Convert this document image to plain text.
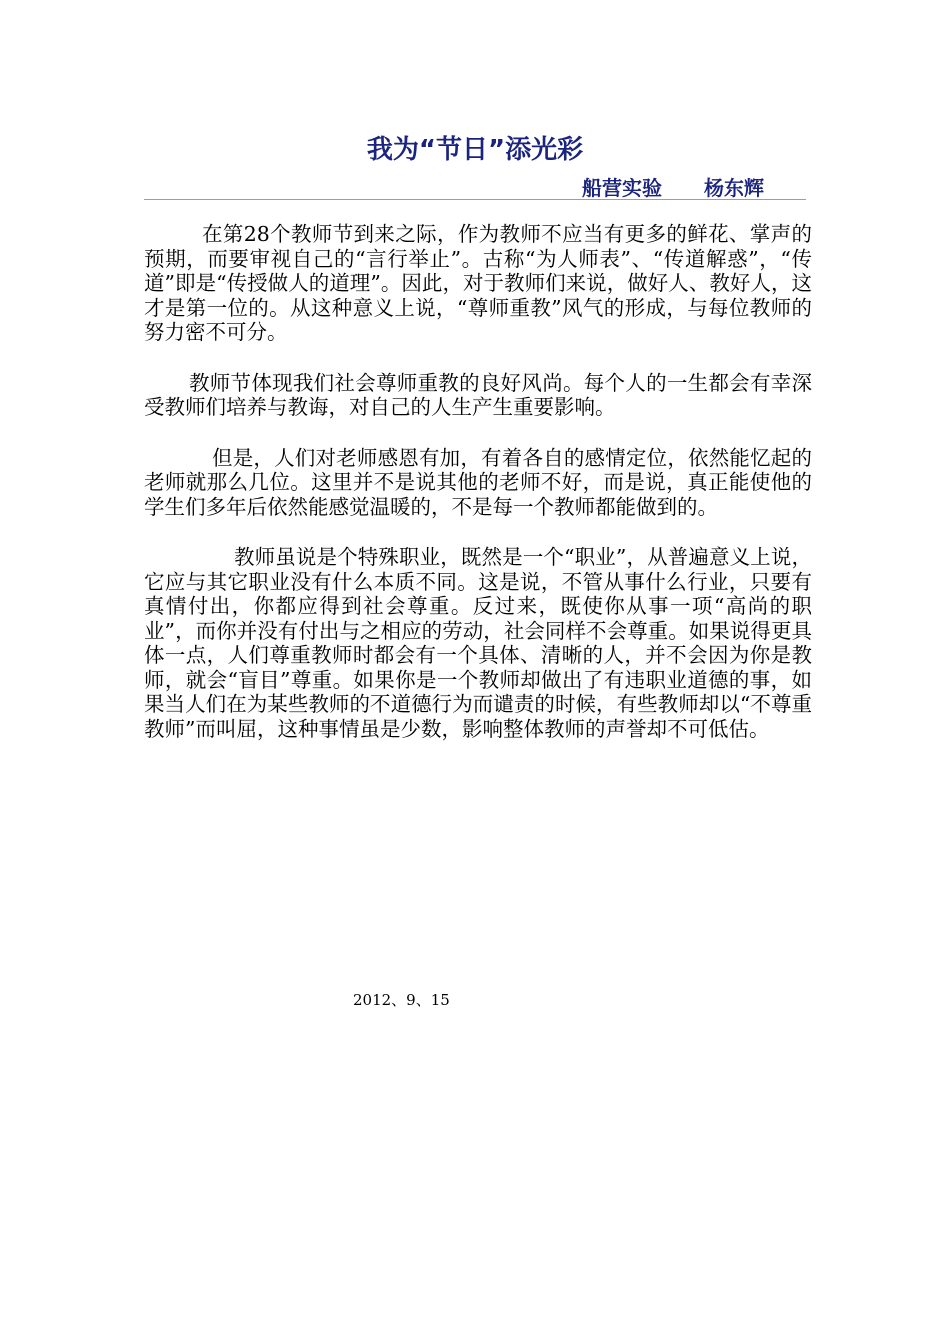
我为“节日”添光彩
船营实验 杨东辉

在第28个教师节到来之际，作为教师不应当有更多的鲜花、掌声的预期，而要审视自己的“言行举止”。古称“为人师表”、“传道解惑”，“传道”即是“传授做人的道理”。因此，对于教师们来说，做好人、教好人，这才是第一位的。从这种意义上说，“尊师重教”风气的形成，与每位教师的努力密不可分。

教师节体现我们社会尊师重教的良好风尚。每个人的一生都会有幸深受教师们培养与教诲，对自己的人生产生重要影响。

但是，人们对老师感恩有加，有着各自的感情定位，依然能忆起的老师就那么几位。这里并不是说其他的老师不好，而是说，真正能使他的学生们多年后依然能感觉温暖的，不是每一个教师都能做到的。

教师虽说是个特殊职业，既然是一个“职业”，从普遍意义上说，它应与其它职业没有什么本质不同。这是说，不管从事什么行业，只要有真情付出，你都应得到社会尊重。反过来，既使你从事一项“高尚的职业”，而你并没有付出与之相应的劳动，社会同样不会尊重。如果说得更具体一点，人们尊重教师时都会有一个具体、清晰的人，并不会因为你是教师，就会“盲目”尊重。如果你是一个教师却做出了有违职业道德的事，如果当人们在为某些教师的不道德行为而谴责的时候，有些教师却以“不尊重教师”而叫屈，这种事情虽是少数，影响整体教师的声誉却不可低估。

2012、9、15
